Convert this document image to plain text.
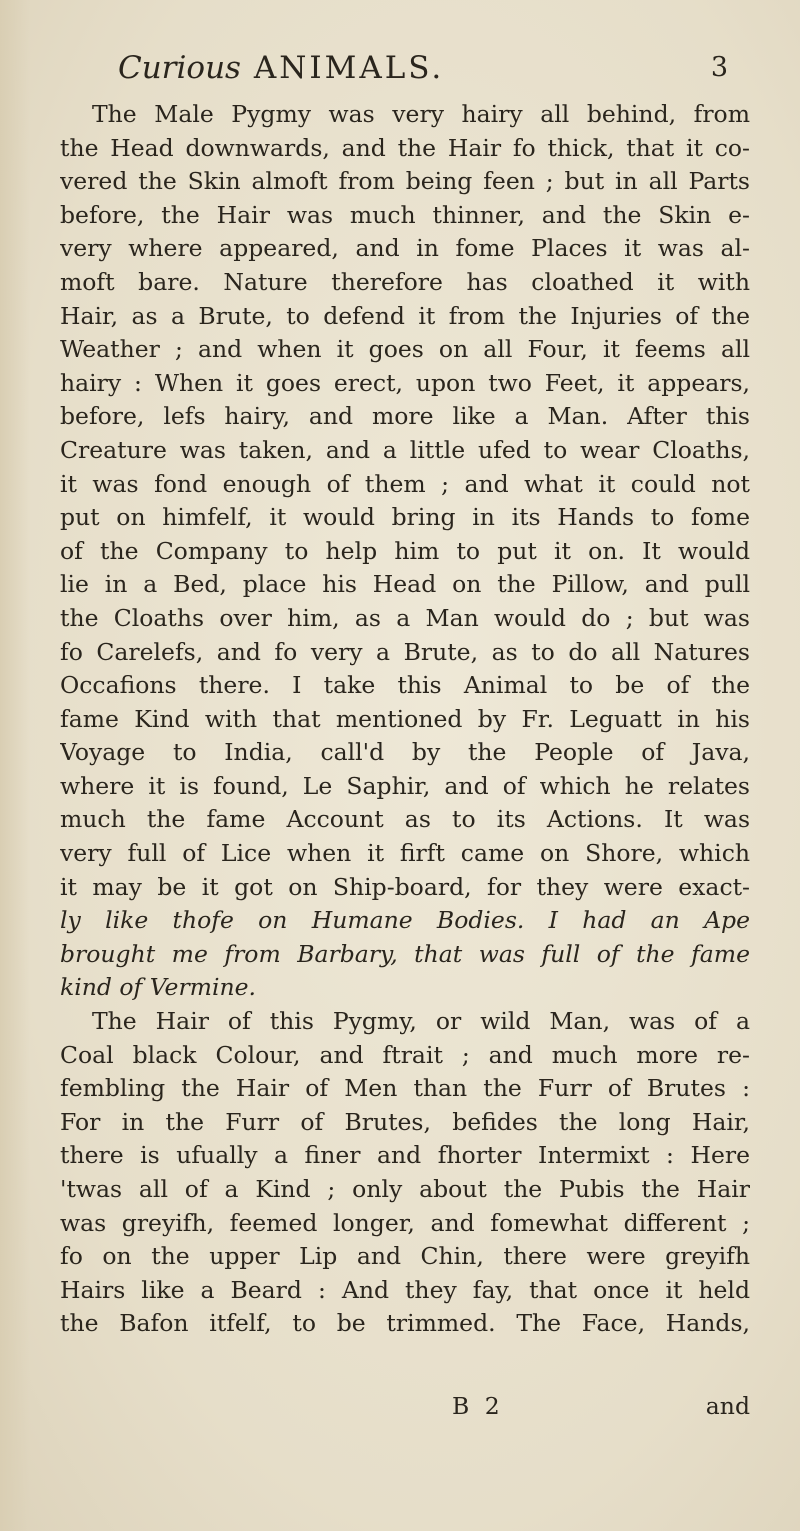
Curious ANIMALS.	3
The Male Pygmy was very hairy all behind, from
the Head downwards, and the Hair fo thick, that it co-
vered the Skin almoft from being feen ; but in all Parts
before, the Hair was much thinner, and the Skin e-
very where appeared, and in fome Places it was al-
moft bare. Nature therefore has cloathed it with
Hair, as a Brute, to defend it from the Injuries of the
Weather ; and when it goes on all Four, it feems all
hairy : When it goes erect, upon two Feet, it appears,
before, lefs hairy, and more like a Man. After this
Creature was taken, and a little ufed to wear Cloaths,
it was fond enough of them ; and what it could not
put on himfelf, it would bring in its Hands to fome
of the Company to help him to put it on. It would
lie in a Bed, place his Head on the Pillow, and pull
the Cloaths over him, as a Man would do ; but was
fo Carelefs, and fo very a Brute, as to do all Natures
Occafions there. I take this Animal to be of the
fame Kind with that mentioned by Fr. Leguatt in his
Voyage to India, call'd by the People of Java,
where it is found, Le Saphir, and of which he relates
much the fame Account as to its Actions. It was
very full of Lice when it firft came on Shore, which
it may be it got on Ship-board, for they were exact-
ly like thofe on Humane Bodies. I had an Ape
brought me from Barbary, that was full of the fame
kind of Vermine.
The Hair of this Pygmy, or wild Man, was of a
Coal black Colour, and ftrait ; and much more re-
fembling the Hair of Men than the Furr of Brutes :
For in the Furr of Brutes, befides the long Hair,
there is ufually a finer and fhorter Intermixt : Here
'twas all of a Kind ; only about the Pubis the Hair
was greyifh, feemed longer, and fomewhat different ;
fo on the upper Lip and Chin, there were greyifh
Hairs like a Beard : And they fay, that once it held
the Bafon itfelf, to be trimmed. The Face, Hands,
B 2	and
